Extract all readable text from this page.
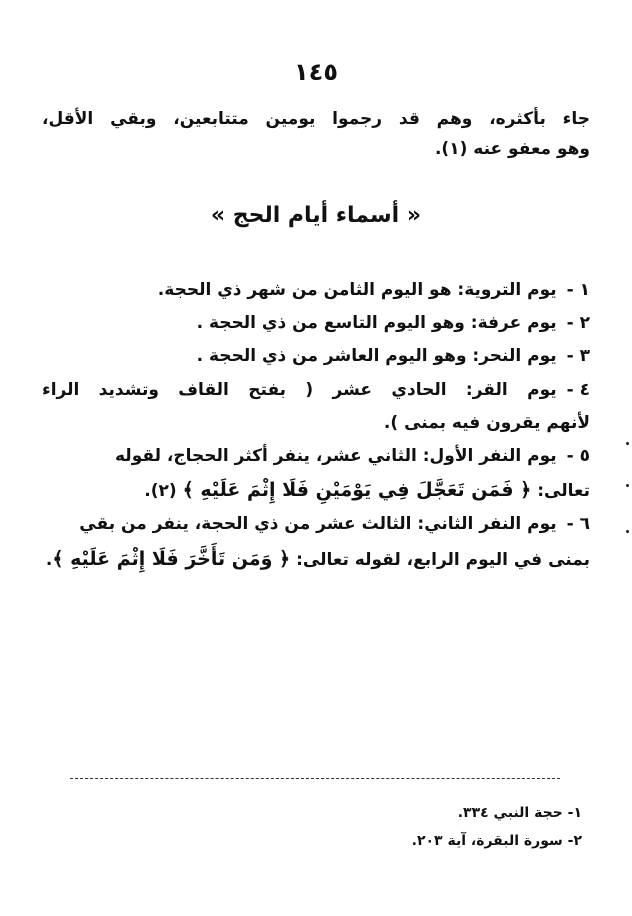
١٤٥
جاء بأكثره، وهم قد رجموا يومين متتابعين، وبقي الأقل،
وهو معفو عنه (١).
« أسماء أيام الحج »
١ -يوم التروية: هو اليوم الثامن من شهر ذي الحجة.
٢ -يوم عرفة: وهو اليوم التاسع من ذي الحجة .
٣ -يوم النحر: وهو اليوم العاشر من ذي الحجة .
٤ -يوم القر: الحادي عشر ( بفتح القاف وتشديد الراء
لأنهم يقرون فيه بمنى ).
٥ -يوم النفر الأول: الثاني عشر، ينفر أكثر الحجاج، لقوله
تعالى: ﴿ فَمَن تَعَجَّلَ فِي يَوْمَيْنِ فَلَا إِثْمَ عَلَيْهِ ﴾ (٢).
٦ -يوم النفر الثاني: الثالث عشر من ذي الحجة، ينفر من بقي
بمنى في اليوم الرابع، لقوله تعالى: ﴿ وَمَن تَأَخَّرَ فَلَا إِثْمَ عَلَيْهِ ﴾.
١- حجة النبي ٣٣٤.
٢- سورة البقرة، آية ٢٠٣.
